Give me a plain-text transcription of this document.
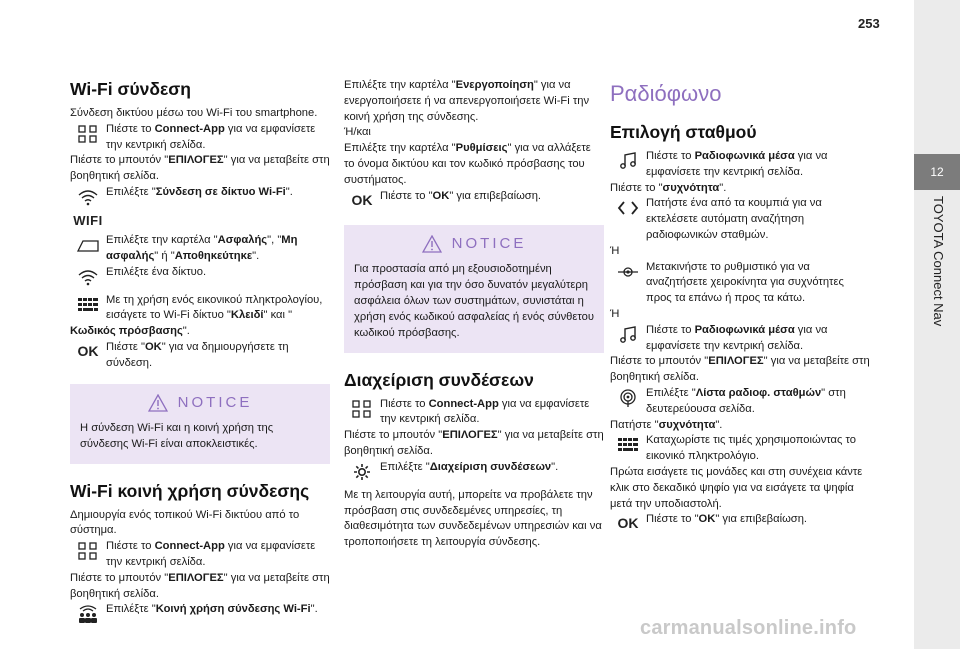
253
12
TOYOTA Connect Nav
Wi-Fi σύνδεση

Σύνδεση δικτύου μέσω του Wi-Fi του smartphone.

Πιέστε το Connect-App για να εμφανίσετε την κεντρική σελίδα.

Πιέστε το μπουτόν "ΕΠΙΛΟΓΕΣ" για να μεταβείτε στη βοηθητική σελίδα.

Επιλέξτε "Σύνδεση σε δίκτυο Wi-Fi".

WIFI

Επιλέξτε την καρτέλα "Ασφαλής", "Μη ασφαλής" ή "Αποθηκεύτηκε".

Επιλέξτε ένα δίκτυο.

Με τη χρήση ενός εικονικού πληκτρολογίου, εισάγετε το Wi-Fi δίκτυο "Κλειδί" και "

Κωδικός πρόσβασης".

OK Πιέστε "OK" για να δημιουργήσετε τη σύνδεση.

NOTICE

Η σύνδεση Wi-Fi και η κοινή χρήση της σύνδεσης Wi-Fi είναι αποκλειστικές.

Wi-Fi κοινή χρήση σύνδεσης

Δημιουργία ενός τοπικού Wi-Fi δικτύου από το σύστημα.

Πιέστε το Connect-App για να εμφανίσετε την κεντρική σελίδα.

Πιέστε το μπουτόν "ΕΠΙΛΟΓΕΣ" για να μεταβείτε στη βοηθητική σελίδα.

Επιλέξτε "Κοινή χρήση σύνδεσης Wi-Fi".

Επιλέξτε την καρτέλα "Ενεργοποίηση" για να ενεργοποιήσετε ή να απενεργοποιήσετε Wi-Fi την κοινή χρήση της σύνδεσης.

Ή/και

Επιλέξτε την καρτέλα "Ρυθμίσεις" για να αλλάξετε το όνομα δικτύου και τον κωδικό πρόσβασης του συστήματος.

OK Πιέστε το "OK" για επιβεβαίωση.

NOTICE

Για προστασία από μη εξουσιοδοτημένη πρόσβαση και για την όσο δυνατόν μεγαλύτερη ασφάλεια όλων των συστημάτων, συνιστάται η χρήση ενός κωδικού ασφαλείας ή ενός σύνθετου κωδικού πρόσβασης.

Διαχείριση συνδέσεων

Πιέστε το Connect-App για να εμφανίσετε την κεντρική σελίδα.

Πιέστε το μπουτόν "ΕΠΙΛΟΓΕΣ" για να μεταβείτε στη βοηθητική σελίδα.

Επιλέξτε "Διαχείριση συνδέσεων".

Με τη λειτουργία αυτή, μπορείτε να προβάλετε την πρόσβαση στις συνδεδεμένες υπηρεσίες, τη διαθεσιμότητα των συνδεδεμένων υπηρεσιών και να τροποποιήσετε τη λειτουργία σύνδεσης.

Ραδιόφωνο
Επιλογή σταθμού

Πιέστε το Ραδιοφωνικά μέσα για να εμφανίσετε την κεντρική σελίδα.

Πιέστε το "συχνότητα".

Πατήστε ένα από τα κουμπιά για να εκτελέσετε αυτόματη αναζήτηση ραδιοφωνικών σταθμών.

Ή

Μετακινήστε το ρυθμιστικό για να αναζητήσετε χειροκίνητα για συχνότητες προς τα επάνω ή προς τα κάτω.

Ή

Πιέστε το Ραδιοφωνικά μέσα για να εμφανίσετε την κεντρική σελίδα.

Πιέστε το μπουτόν "ΕΠΙΛΟΓΕΣ" για να μεταβείτε στη βοηθητική σελίδα.

Επιλέξτε "Λίστα ραδιοφ. σταθμών" στη δευτερεύουσα σελίδα.

Πατήστε "συχνότητα".

Καταχωρίστε τις τιμές χρησιμοποιώντας το εικονικό πληκτρολόγιο.

Πρώτα εισάγετε τις μονάδες και στη συνέχεια κάντε κλικ στο δεκαδικό ψηφίο για να εισάγετε τα ψηφία μετά την υποδιαστολή.

OK Πιέστε το "OK" για επιβεβαίωση.

carmanualsonline.info
